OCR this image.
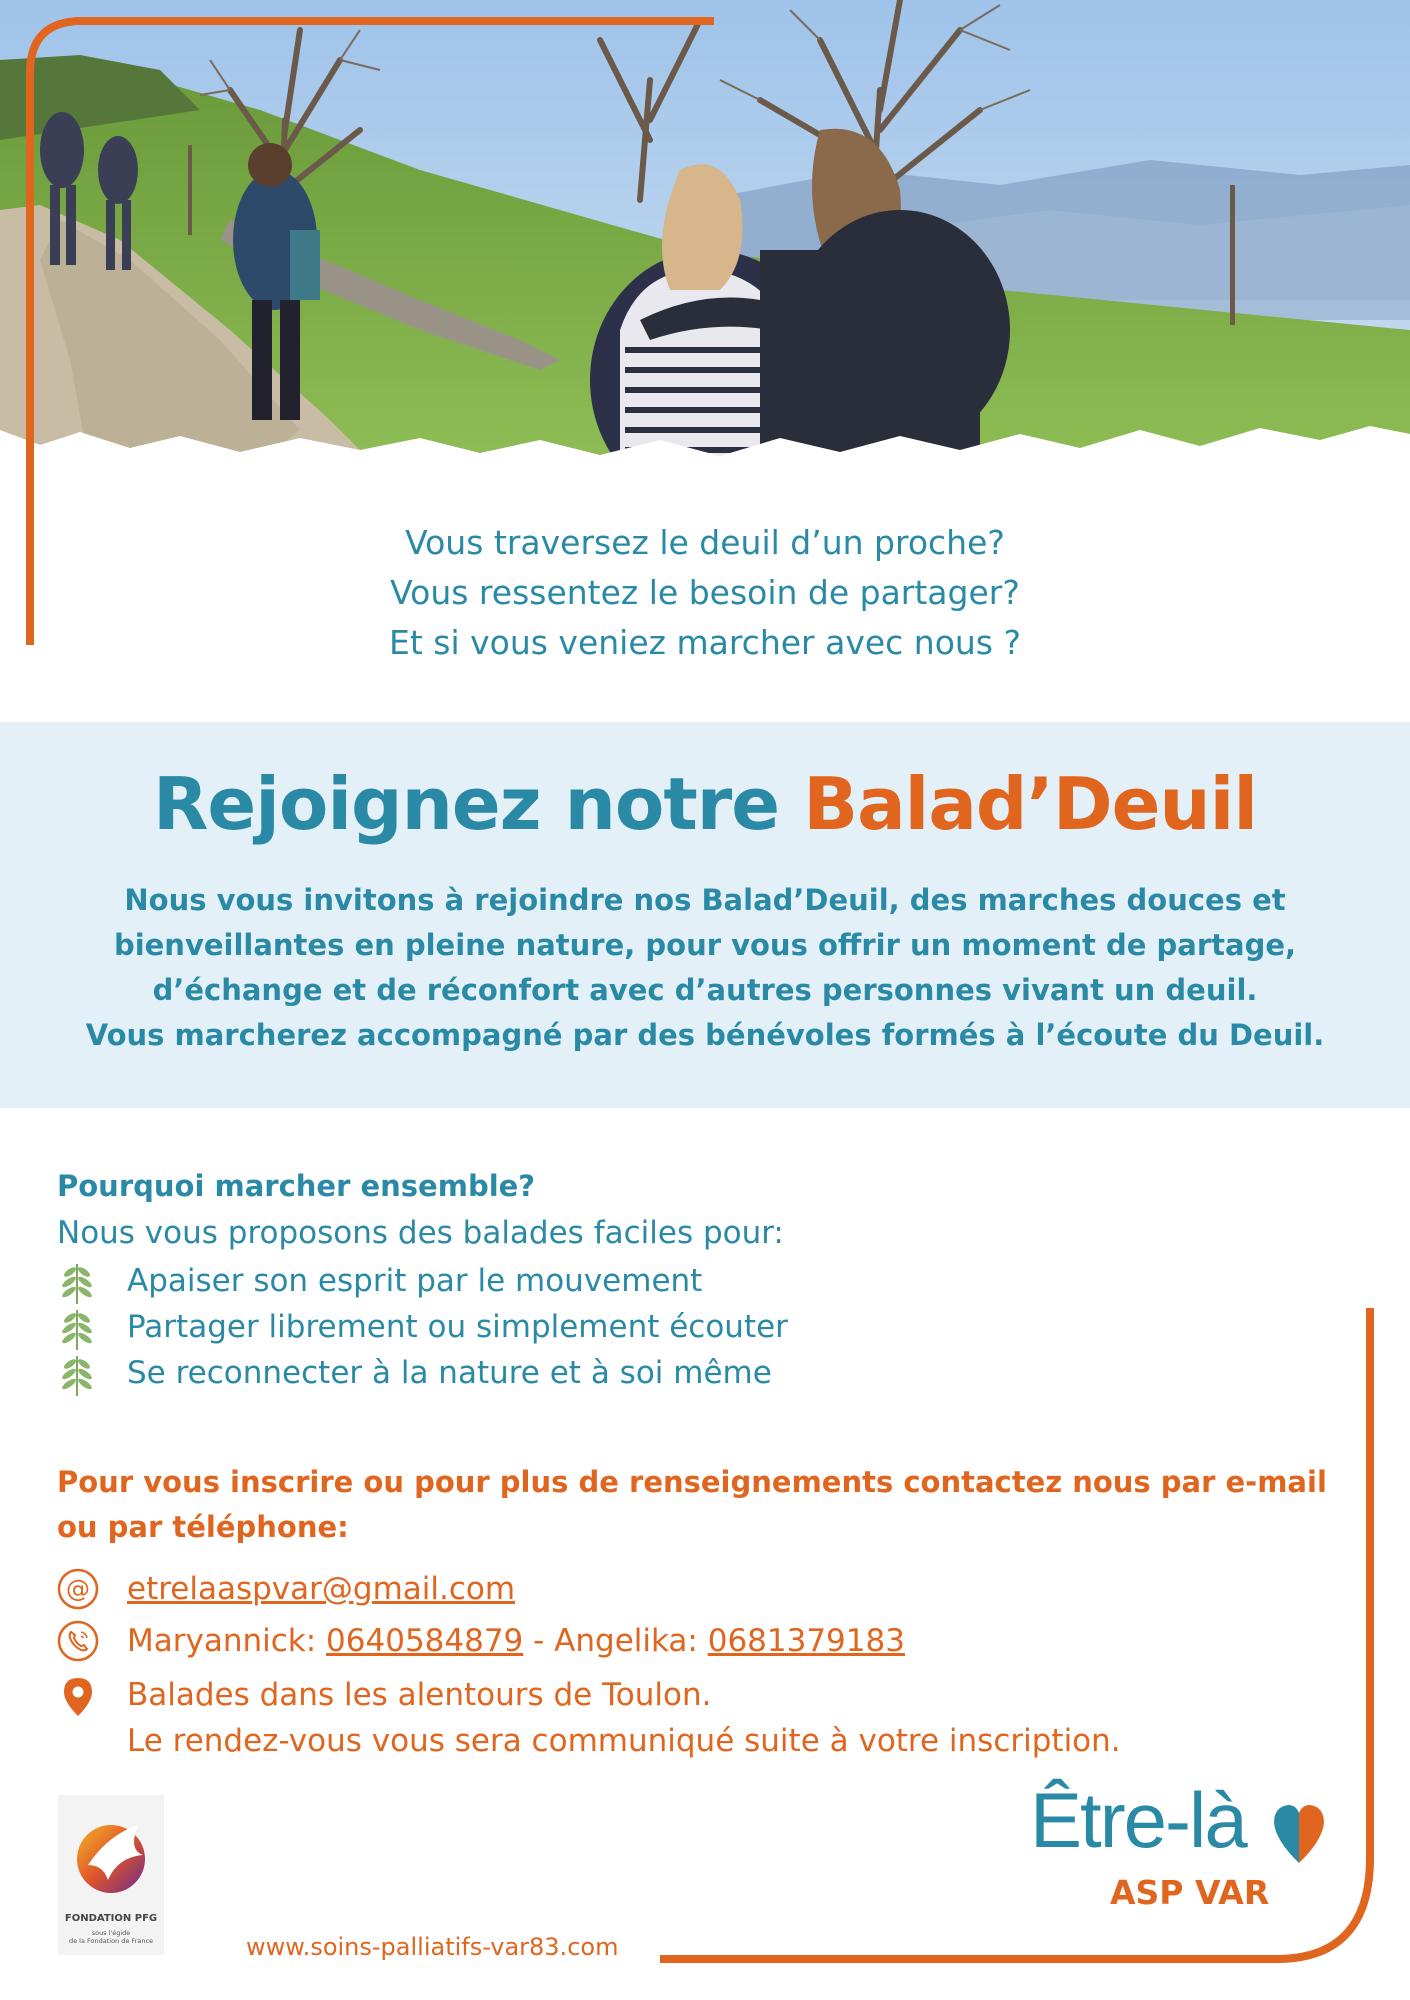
Vous traversez le deuil d’un proche?

Vous ressentez le besoin de partager?

Et si vous veniez marcher avec nous ?

Rejoignez notre Balad’Deuil

Nous vous invitons à rejoindre nos Balad’Deuil, des marches douces et

bienveillantes en pleine nature, pour vous offrir un moment de partage,

d’échange et de réconfort avec d’autres personnes vivant un deuil.

Vous marcherez accompagné par des bénévoles formés à l’écoute du Deuil.

Pourquoi marcher ensemble?
Nous vous proposons des balades faciles pour:
Apaiser son esprit par le mouvement
Partager librement ou simplement écouter
Se reconnecter à la nature et à soi même
Pour vous inscrire ou pour plus de renseignements contactez nous par e-mail ou par téléphone:
@ etrelaaspvar@gmail.com
Maryannick: 0640584879 - Angelika: 0681379183
Balades dans les alentours de Toulon.
Le rendez-vous vous sera communiqué suite à votre inscription.
FONDATION PFG
sous l'égide
de la Fondation de France	www.soins-palliatifs-var83.com
Être-là
ASP VAR
